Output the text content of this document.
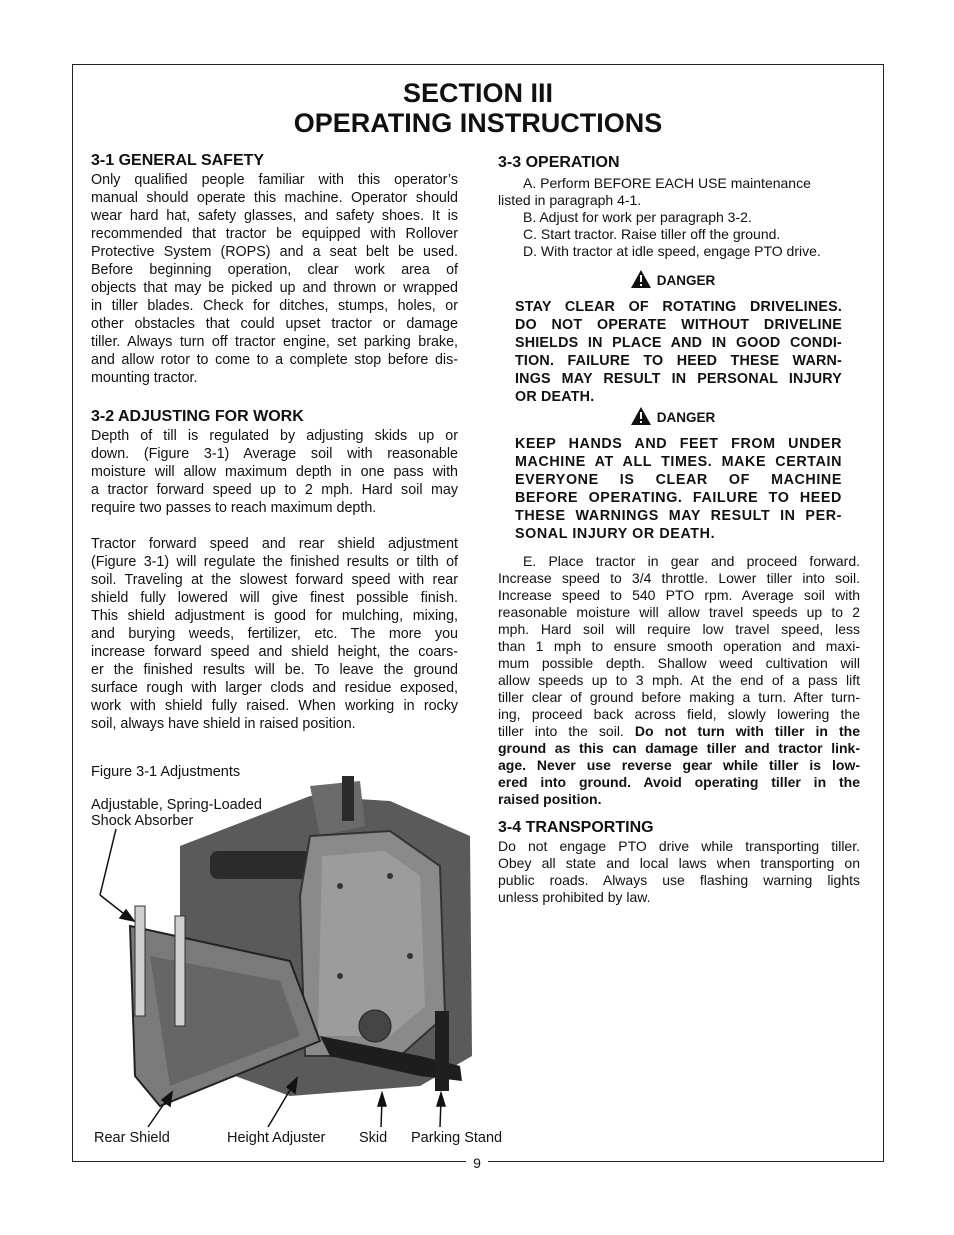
SECTION III
OPERATING INSTRUCTIONS
3-1 GENERAL SAFETY

Only qualified people familiar with this operator’s

manual should operate this machine. Operator should

wear hard hat, safety glasses, and safety shoes. It is

recommended that tractor be equipped with Rollover

Protective System (ROPS) and a seat belt be used.

Before beginning operation, clear work area of

objects that may be picked up and thrown or wrapped

in tiller blades. Check for ditches, stumps, holes, or

other obstacles that could upset tractor or damage

tiller. Always turn off tractor engine, set parking brake,

and allow rotor to come to a complete stop before dis-

mounting tractor.

3-2 ADJUSTING FOR WORK

Depth of till is regulated by adjusting skids up or

down. (Figure 3-1) Average soil with reasonable

moisture will allow maximum depth in one pass with

a tractor forward speed up to 2 mph. Hard soil may

require two passes to reach maximum depth.

Tractor forward speed and rear shield adjustment

(Figure 3-1) will regulate the finished results or tilth of

soil. Traveling at the slowest forward speed with rear

shield fully lowered will give finest possible finish.

This shield adjustment is good for mulching, mixing,

and burying weeds, fertilizer, etc. The more you

increase forward speed and shield height, the coars-

er the finished results will be. To leave the ground

surface rough with larger clods and residue exposed,

work with shield fully raised. When working in rocky

soil, always have shield in raised position.

Figure 3-1 Adjustments
Adjustable, Spring-Loaded
Shock Absorber
Rear Shield	Height Adjuster Skid Parking Stand
3-3 OPERATION

A. Perform BEFORE EACH USE maintenance

listed in paragraph 4-1.

B. Adjust for work per paragraph 3-2.

C. Start tractor. Raise tiller off the ground.

D. With tractor at idle speed, engage PTO drive.

DANGER

STAY CLEAR OF ROTATING DRIVELINES.

DO NOT OPERATE WITHOUT DRIVELINE

SHIELDS IN PLACE AND IN GOOD CONDI-

TION. FAILURE TO HEED THESE WARN-

INGS MAY RESULT IN PERSONAL INJURY

OR DEATH.

DANGER

KEEP HANDS AND FEET FROM UNDER

MACHINE AT ALL TIMES. MAKE CERTAIN

EVERYONE IS CLEAR OF MACHINE

BEFORE OPERATING. FAILURE TO HEED

THESE WARNINGS MAY RESULT IN PER-

SONAL INJURY OR DEATH.

E. Place tractor in gear and proceed forward.

Increase speed to 3/4 throttle. Lower tiller into soil.

Increase speed to 540 PTO rpm. Average soil with

reasonable moisture will allow travel speeds up to 2

mph. Hard soil will require low travel speed, less

than 1 mph to ensure smooth operation and maxi-

mum possible depth. Shallow weed cultivation will

allow speeds up to 3 mph. At the end of a pass lift

tiller clear of ground before making a turn. After turn-

ing, proceed back across field, slowly lowering the

tiller into the soil. Do not turn with tiller in the

ground as this can damage tiller and tractor link-

age. Never use reverse gear while tiller is low-

ered into ground. Avoid operating tiller in the

raised position.

3-4 TRANSPORTING

Do not engage PTO drive while transporting tiller.

Obey all state and local laws when transporting on

public roads. Always use flashing warning lights

unless prohibited by law.

9
